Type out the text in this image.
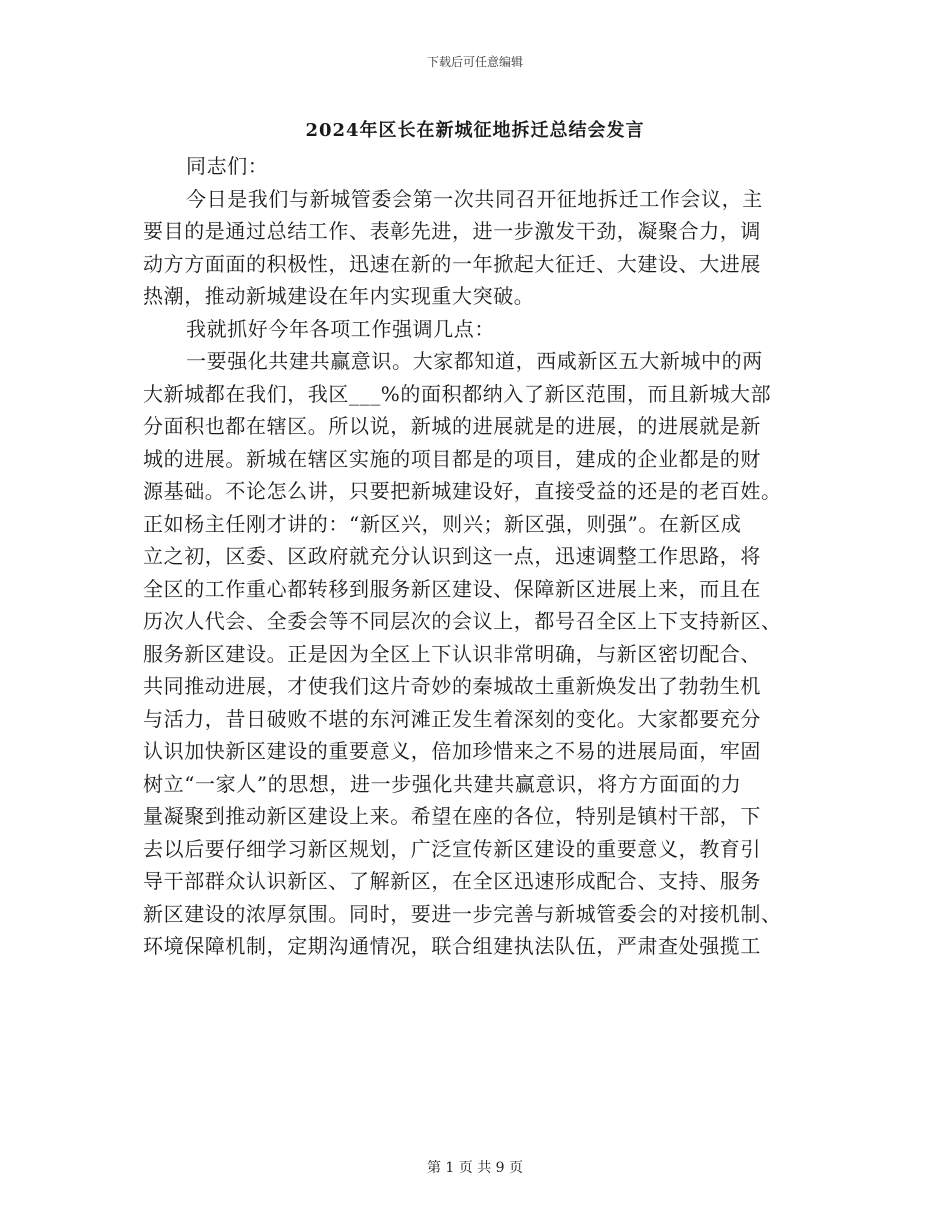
下载后可任意编辑
2024年区长在新城征地拆迁总结会发言
同志们：
今日是我们与新城管委会第一次共同召开征地拆迁工作会议，主
要目的是通过总结工作、表彰先进，进一步激发干劲，凝聚合力，调
动方方面面的积极性，迅速在新的一年掀起大征迁、大建设、大进展
热潮，推动新城建设在年内实现重大突破。
我就抓好今年各项工作强调几点：
一要强化共建共赢意识。大家都知道，西咸新区五大新城中的两
大新城都在我们，我区___%的面积都纳入了新区范围，而且新城大部
分面积也都在辖区。所以说，新城的进展就是的进展，的进展就是新
城的进展。新城在辖区实施的项目都是的项目，建成的企业都是的财
源基础。不论怎么讲，只要把新城建设好，直接受益的还是的老百姓。
正如杨主任刚才讲的：“新区兴，则兴；新区强，则强”。在新区成
立之初，区委、区政府就充分认识到这一点，迅速调整工作思路，将
全区的工作重心都转移到服务新区建设、保障新区进展上来，而且在
历次人代会、全委会等不同层次的会议上，都号召全区上下支持新区、
服务新区建设。正是因为全区上下认识非常明确，与新区密切配合、
共同推动进展，才使我们这片奇妙的秦城故土重新焕发出了勃勃生机
与活力，昔日破败不堪的东河滩正发生着深刻的变化。大家都要充分
认识加快新区建设的重要意义，倍加珍惜来之不易的进展局面，牢固
树立“一家人”的思想，进一步强化共建共赢意识，将方方面面的力
量凝聚到推动新区建设上来。希望在座的各位，特别是镇村干部，下
去以后要仔细学习新区规划，广泛宣传新区建设的重要意义，教育引
导干部群众认识新区、了解新区，在全区迅速形成配合、支持、服务
新区建设的浓厚氛围。同时，要进一步完善与新城管委会的对接机制、
环境保障机制，定期沟通情况，联合组建执法队伍，严肃查处强揽工
第 1 页 共 9 页
